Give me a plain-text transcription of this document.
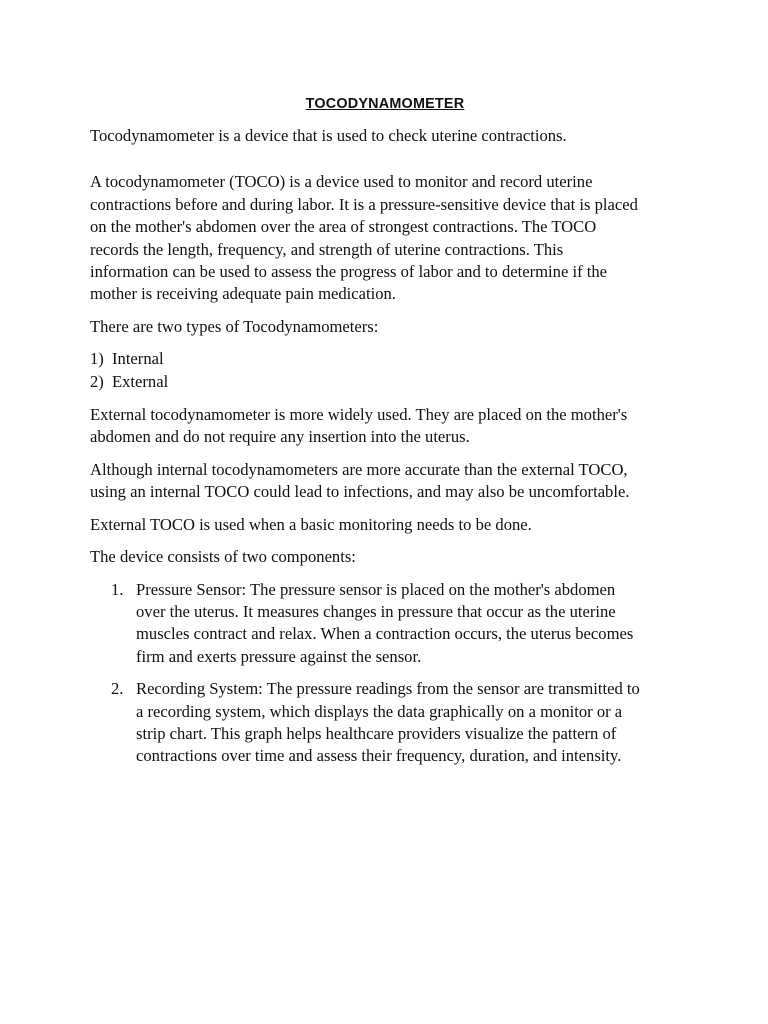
TOCODYNAMOMETER

Tocodynamometer is a device that is used to check uterine contractions.

A tocodynamometer (TOCO) is a device used to monitor and record uterine
contractions before and during labor. It is a pressure-sensitive device that is placed
on the mother's abdomen over the area of strongest contractions. The TOCO
records the length, frequency, and strength of uterine contractions. This
information can be used to assess the progress of labor and to determine if the
mother is receiving adequate pain medication.

There are two types of Tocodynamometers:

1) Internal
2) External

External tocodynamometer is more widely used. They are placed on the mother's
abdomen and do not require any insertion into the uterus.

Although internal tocodynamometers are more accurate than the external TOCO,
using an internal TOCO could lead to infections, and may also be uncomfortable.

External TOCO is used when a basic monitoring needs to be done.

The device consists of two components:

1. Pressure Sensor: The pressure sensor is placed on the mother's abdomen
over the uterus. It measures changes in pressure that occur as the uterine
muscles contract and relax. When a contraction occurs, the uterus becomes
firm and exerts pressure against the sensor.
2. Recording System: The pressure readings from the sensor are transmitted to
a recording system, which displays the data graphically on a monitor or a
strip chart. This graph helps healthcare providers visualize the pattern of
contractions over time and assess their frequency, duration, and intensity.
